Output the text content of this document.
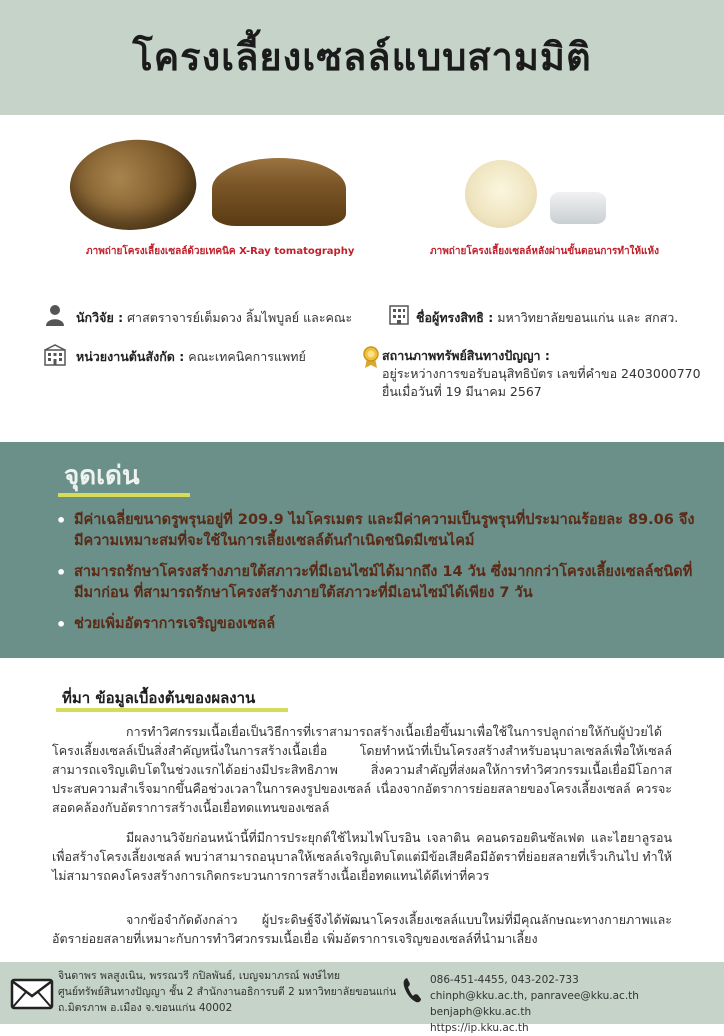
โครงเลี้ยงเซลล์แบบสามมิติ
ภาพถ่ายโครงเลี้ยงเซลล์ด้วยเทคนิค X-Ray tomatography	ภาพถ่ายโครงเลี้ยงเซลล์หลังผ่านขั้นตอนการทำให้แห้ง
นักวิจัย : ศาสตราจารย์เต็มดวง ลิ้มไพบูลย์ และคณะ	ชื่อผู้ทรงสิทธิ : มหาวิทยาลัยขอนแก่น และ สกสว.
หน่วยงานต้นสังกัด : คณะเทคนิคการแพทย์	สถานภาพทรัพย์สินทางปัญญา :
อยู่ระหว่างการขอรับอนุสิทธิบัตร เลขที่คำขอ 2403000770
ยื่นเมื่อวันที่ 19 มีนาคม 2567
จุดเด่น
• มีค่าเฉลี่ยขนาดรูพรุนอยู่ที่ 209.9 ไมโครเมตร และมีค่าความเป็นรูพรุนที่ประมาณร้อยละ 89.06 จึงมีความเหมาะสมที่จะใช้ในการเลี้ยงเซลล์ต้นกำเนิดชนิดมีเซนไคม์
• สามารถรักษาโครงสร้างภายใต้สภาวะที่มีเอนไซม์ได้มากถึง 14 วัน ซึ่งมากกว่าโครงเลี้ยงเซลล์ชนิดที่มีมาก่อน ที่สามารถรักษาโครงสร้างภายใต้สภาวะที่มีเอนไซม์ได้เพียง 7 วัน
• ช่วยเพิ่มอัตราการเจริญของเซลล์
ที่มา ข้อมูลเบื้องต้นของผลงาน

การทำวิศกรรมเนื้อเยื่อเป็นวิธีการที่เราสามารถสร้างเนื้อเยื่อขึ้นมาเพื่อใช้ในการปลูกถ่ายให้กับผู้ป่วยได้ โครงเลี้ยงเซลล์เป็นสิ่งสำคัญหนึ่งในการสร้างเนื้อเยื่อ โดยทำหน้าที่เป็นโครงสร้างสำหรับอนุบาลเซลล์เพื่อให้เซลล์สามารถเจริญเติบโตในช่วงแรกได้อย่างมีประสิทธิภาพ สิ่งความสำคัญที่ส่งผลให้การทำวิศวกรรมเนื้อเยื่อมีโอกาสประสบความสำเร็จมากขึ้นคือช่วงเวลาในการคงรูปของเซลล์ เนื่องจากอัตราการย่อยสลายของโครงเลี้ยงเซลล์ ควรจะสอดคล้องกับอัตราการสร้างเนื้อเยื่อทดแทนของเซลล์

มีผลงานวิจัยก่อนหน้านี้ที่มีการประยุกต์ใช้ไหมไฟโบรอิน เจลาติน คอนดรอยตินซัลเฟต และไฮยาลูรอนเพื่อสร้างโครงเลี้ยงเซลล์ พบว่าสามารถอนุบาลให้เซลล์เจริญเติบโตแต่มีข้อเสียคือมีอัตราที่ย่อยสลายที่เร็วเกินไป ทำให้ไม่สามารถคงโครงสร้างการเกิดกระบวนการการสร้างเนื้อเยื่อทดแทนได้ดีเท่าที่ควร

จากข้อจำกัดดังกล่าว ผู้ประดิษฐ์จึงได้พัฒนาโครงเลี้ยงเซลล์แบบใหม่ที่มีคุณลักษณะทางกายภาพและอัตราย่อยสลายที่เหมาะกับการทำวิศวกรรมเนื้อเยื่อ เพิ่มอัตราการเจริญของเซลล์ที่นำมาเลี้ยง

จินดาพร พลสูงเนิน, พรรณวรี กปิลพันธ์, เบญจมาภรณ์ พงษ์ไทย
ศูนย์ทรัพย์สินทางปัญญา ชั้น 2 สำนักงานอธิการบดี 2 มหาวิทยาลัยขอนแก่น
ถ.มิตรภาพ อ.เมือง จ.ขอนแก่น 40002
086-451-4455, 043-202-733
chinph@kku.ac.th, panravee@kku.ac.th benjaph@kku.ac.th
https://ip.kku.ac.th
